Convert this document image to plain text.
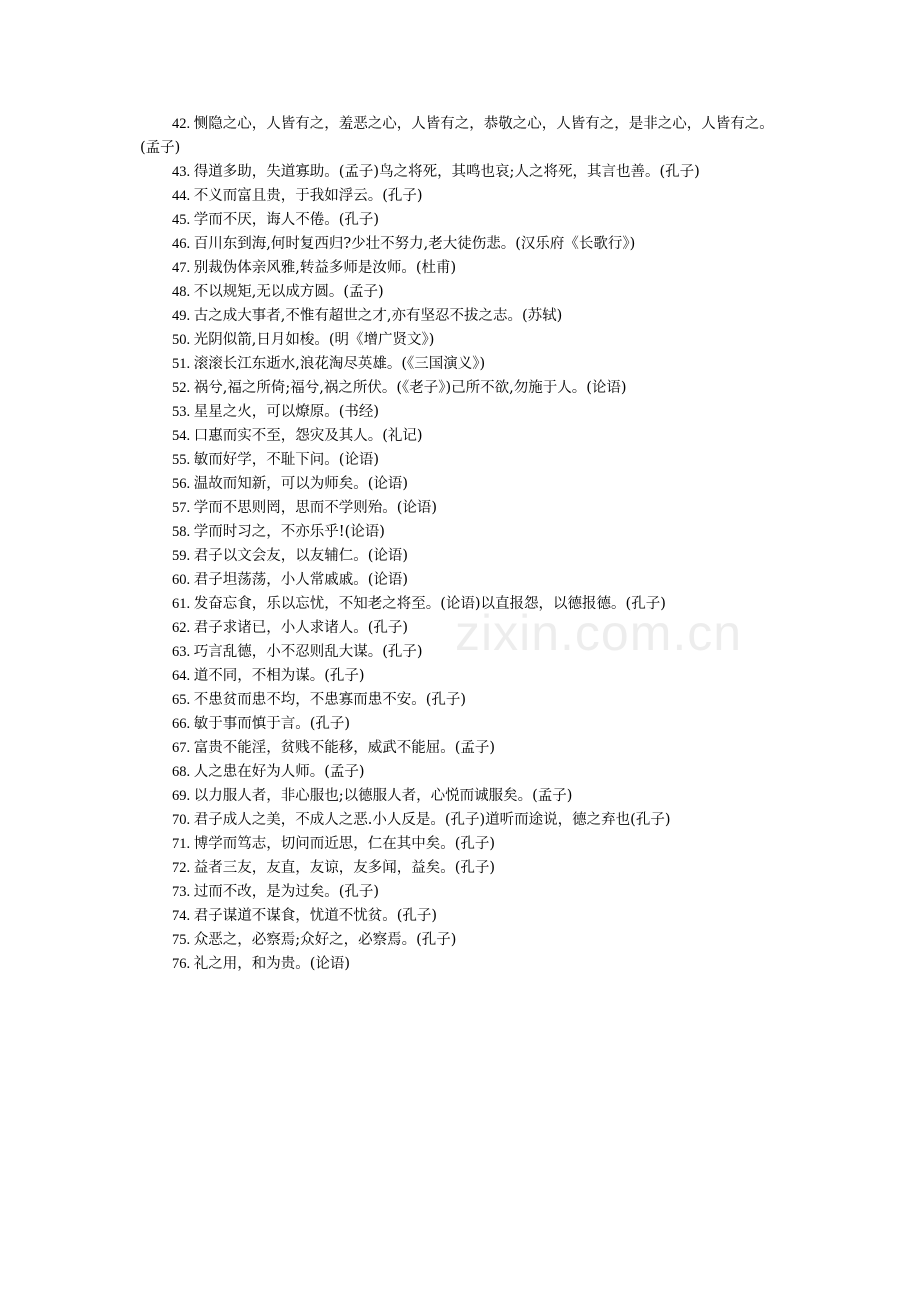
42. 恻隐之心，人皆有之，羞恶之心，人皆有之，恭敬之心，人皆有之，是非之心，人皆有之。(孟子)
43. 得道多助，失道寡助。(孟子)鸟之将死，其鸣也哀;人之将死，其言也善。(孔子)
44. 不义而富且贵，于我如浮云。(孔子)
45. 学而不厌，诲人不倦。(孔子)
46. 百川东到海,何时复西归?少壮不努力,老大徒伤悲。(汉乐府《长歌行》)
47. 别裁伪体亲风雅,转益多师是汝师。(杜甫)
48. 不以规矩,无以成方圆。(孟子)
49. 古之成大事者,不惟有超世之才,亦有坚忍不拔之志。(苏轼)
50. 光阴似箭,日月如梭。(明《增广贤文》)
51. 滚滚长江东逝水,浪花淘尽英雄。(《三国演义》)
52. 祸兮,福之所倚;福兮,祸之所伏。(《老子》)己所不欲,勿施于人。(论语)
53. 星星之火，可以燎原。(书经)
54. 口惠而实不至，怨灾及其人。(礼记)
55. 敏而好学，不耻下问。(论语)
56. 温故而知新，可以为师矣。(论语)
57. 学而不思则罔，思而不学则殆。(论语)
58. 学而时习之，不亦乐乎!(论语)
59. 君子以文会友，以友辅仁。(论语)
60. 君子坦荡荡，小人常戚戚。(论语)
61. 发奋忘食，乐以忘忧，不知老之将至。(论语)以直报怨，以德报德。(孔子)
62. 君子求诸已，小人求诸人。(孔子)
63. 巧言乱德，小不忍则乱大谋。(孔子)
64. 道不同，不相为谋。(孔子)
65. 不患贫而患不均，不患寡而患不安。(孔子)
66. 敏于事而慎于言。(孔子)
67. 富贵不能淫，贫贱不能移，威武不能屈。(孟子)
68. 人之患在好为人师。(孟子)
69. 以力服人者，非心服也;以德服人者，心悦而诚服矣。(孟子)
70. 君子成人之美，不成人之恶.小人反是。(孔子)道听而途说，德之弃也(孔子)
71. 博学而笃志，切问而近思，仁在其中矣。(孔子)
72. 益者三友，友直，友谅，友多闻，益矣。(孔子)
73. 过而不改，是为过矣。(孔子)
74. 君子谋道不谋食，忧道不忧贫。(孔子)
75. 众恶之，必察焉;众好之，必察焉。(孔子)
76. 礼之用，和为贵。(论语)
zixin.com.cn
